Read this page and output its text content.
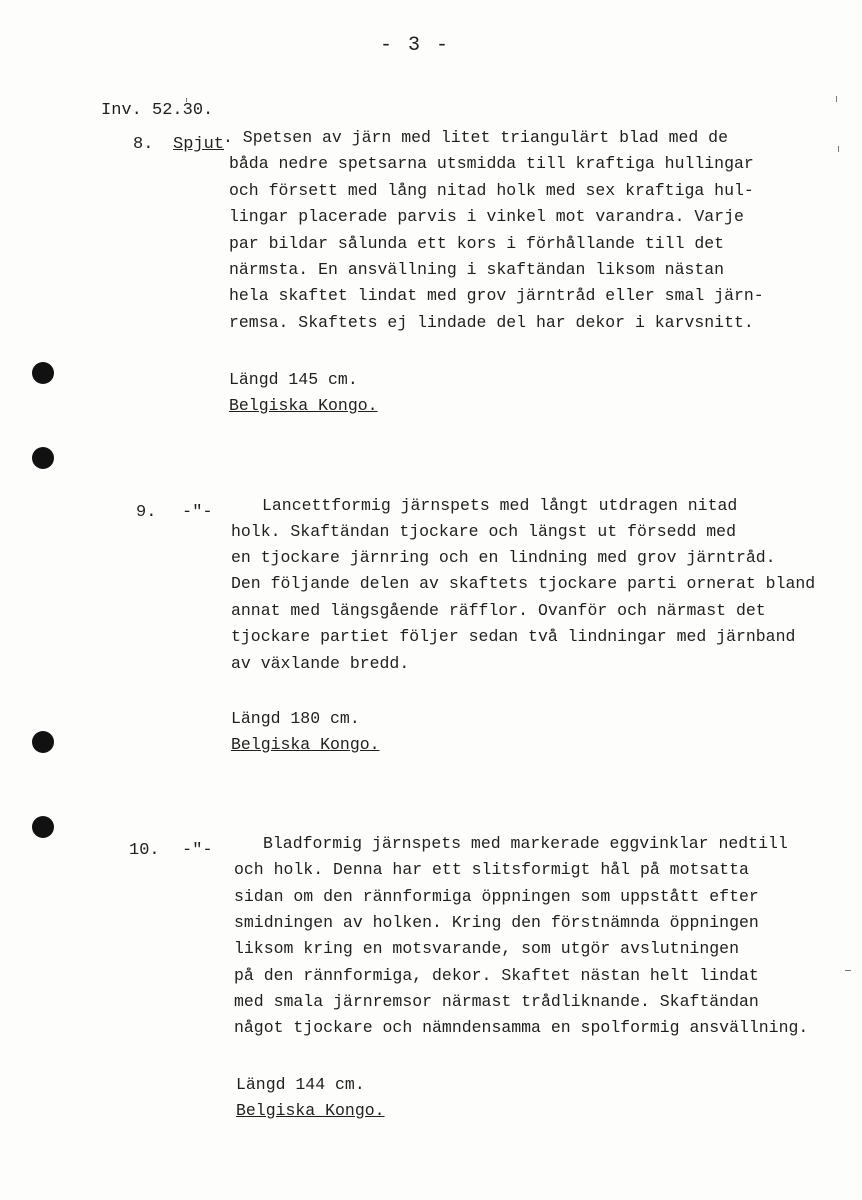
- 3 -
Inv. 52.30.
8. Spjut
. Spetsen av järn med litet triangulärt blad med de
båda nedre spetsarna utsmidda till kraftiga hullingar
och försett med lång nitad holk med sex kraftiga hul-
lingar placerade parvis i vinkel mot varandra. Varje
par bildar sålunda ett kors i förhållande till det
närmsta. En ansvällning i skaftändan liksom nästan
hela skaftet lindat med grov järntråd eller smal järn-
remsa. Skaftets ej lindade del har dekor i karvsnitt.
Längd 145 cm.
Belgiska Kongo.
9. -"-	Lancettformig järnspets med långt utdragen nitad
holk. Skaftändan tjockare och längst ut försedd med
en tjockare järnring och en lindning med grov järntråd.
Den följande delen av skaftets tjockare parti ornerat bland
annat med längsgående räfflor. Ovanför och närmast det
tjockare partiet följer sedan två lindningar med järnband
av växlande bredd.
Längd 180 cm.
Belgiska Kongo.
10. -"-	Bladformig järnspets med markerade eggvinklar nedtill
och holk. Denna har ett slitsformigt hål på motsatta
sidan om den rännformiga öppningen som uppstått efter
smidningen av holken. Kring den förstnämnda öppningen
liksom kring en motsvarande, som utgör avslutningen
på den rännformiga, dekor. Skaftet nästan helt lindat
med smala järnremsor närmast trådliknande. Skaftändan
något tjockare och nämndensamma en spolformig ansvällning.
Längd 144 cm.
Belgiska Kongo.
